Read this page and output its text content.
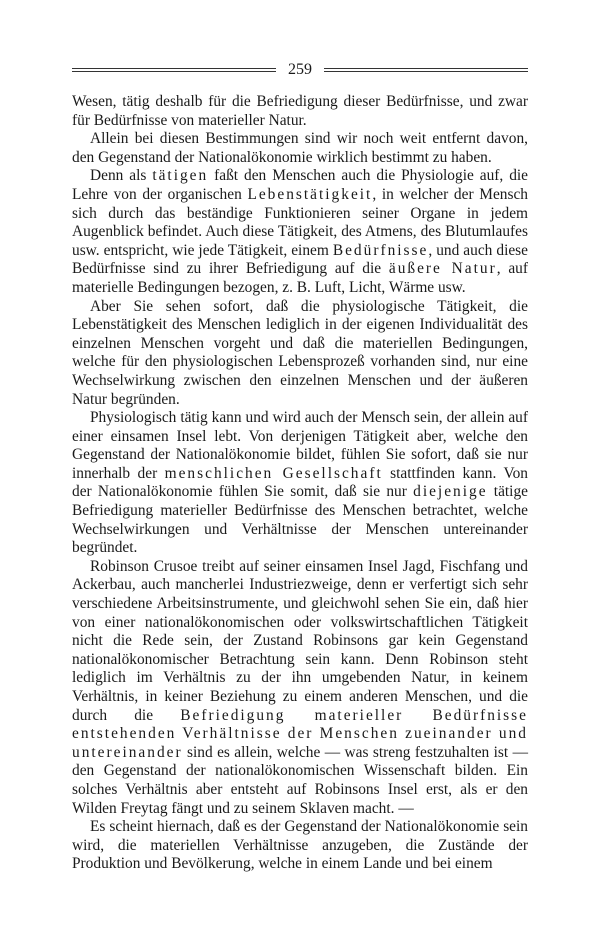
259

Wesen, tätig deshalb für die Befriedigung dieser Bedürfnisse, und zwar für Bedürfnisse von materieller Natur.

Allein bei diesen Bestimmungen sind wir noch weit entfernt davon, den Gegenstand der Nationalökonomie wirklich bestimmt zu haben.

Denn als tätigen faßt den Menschen auch die Physiologie auf, die Lehre von der organischen Lebenstätigkeit, in welcher der Mensch sich durch das beständige Funktionieren seiner Organe in jedem Augenblick befindet. Auch diese Tätigkeit, des Atmens, des Blutumlaufes usw. entspricht, wie jede Tätigkeit, einem Bedürfnisse, und auch diese Bedürfnisse sind zu ihrer Befriedigung auf die äußere Natur, auf materielle Bedingungen bezogen, z. B. Luft, Licht, Wärme usw.

Aber Sie sehen sofort, daß die physiologische Tätigkeit, die Lebenstätigkeit des Menschen lediglich in der eigenen Individualität des einzelnen Menschen vorgeht und daß die materiellen Bedingungen, welche für den physiologischen Lebensprozeß vorhanden sind, nur eine Wechselwirkung zwischen den einzelnen Menschen und der äußeren Natur begründen.

Physiologisch tätig kann und wird auch der Mensch sein, der allein auf einer einsamen Insel lebt. Von derjenigen Tätigkeit aber, welche den Gegenstand der Nationalökonomie bildet, fühlen Sie sofort, daß sie nur innerhalb der menschlichen Gesellschaft stattfinden kann. Von der Nationalökonomie fühlen Sie somit, daß sie nur diejenige tätige Befriedigung materieller Bedürfnisse des Menschen betrachtet, welche Wechselwirkungen und Verhältnisse der Menschen untereinander begründet.

Robinson Crusoe treibt auf seiner einsamen Insel Jagd, Fischfang und Ackerbau, auch mancherlei Industriezweige, denn er verfertigt sich sehr verschiedene Arbeitsinstrumente, und gleichwohl sehen Sie ein, daß hier von einer nationalökonomischen oder volkswirtschaftlichen Tätigkeit nicht die Rede sein, der Zustand Robinsons gar kein Gegenstand nationalökonomischer Betrachtung sein kann. Denn Robinson steht lediglich im Verhältnis zu der ihn umgebenden Natur, in keinem Verhältnis, in keiner Beziehung zu einem anderen Menschen, und die durch die Befriedigung materieller Bedürfnisse entstehenden Verhältnisse der Menschen zueinander und untereinander sind es allein, welche — was streng festzuhalten ist — den Gegenstand der nationalökonomischen Wissenschaft bilden. Ein solches Verhältnis aber entsteht auf Robinsons Insel erst, als er den Wilden Freytag fängt und zu seinem Sklaven macht. —

Es scheint hiernach, daß es der Gegenstand der Nationalökonomie sein wird, die materiellen Verhältnisse anzugeben, die Zustände der Produktion und Bevölkerung, welche in einem Lande und bei einem
